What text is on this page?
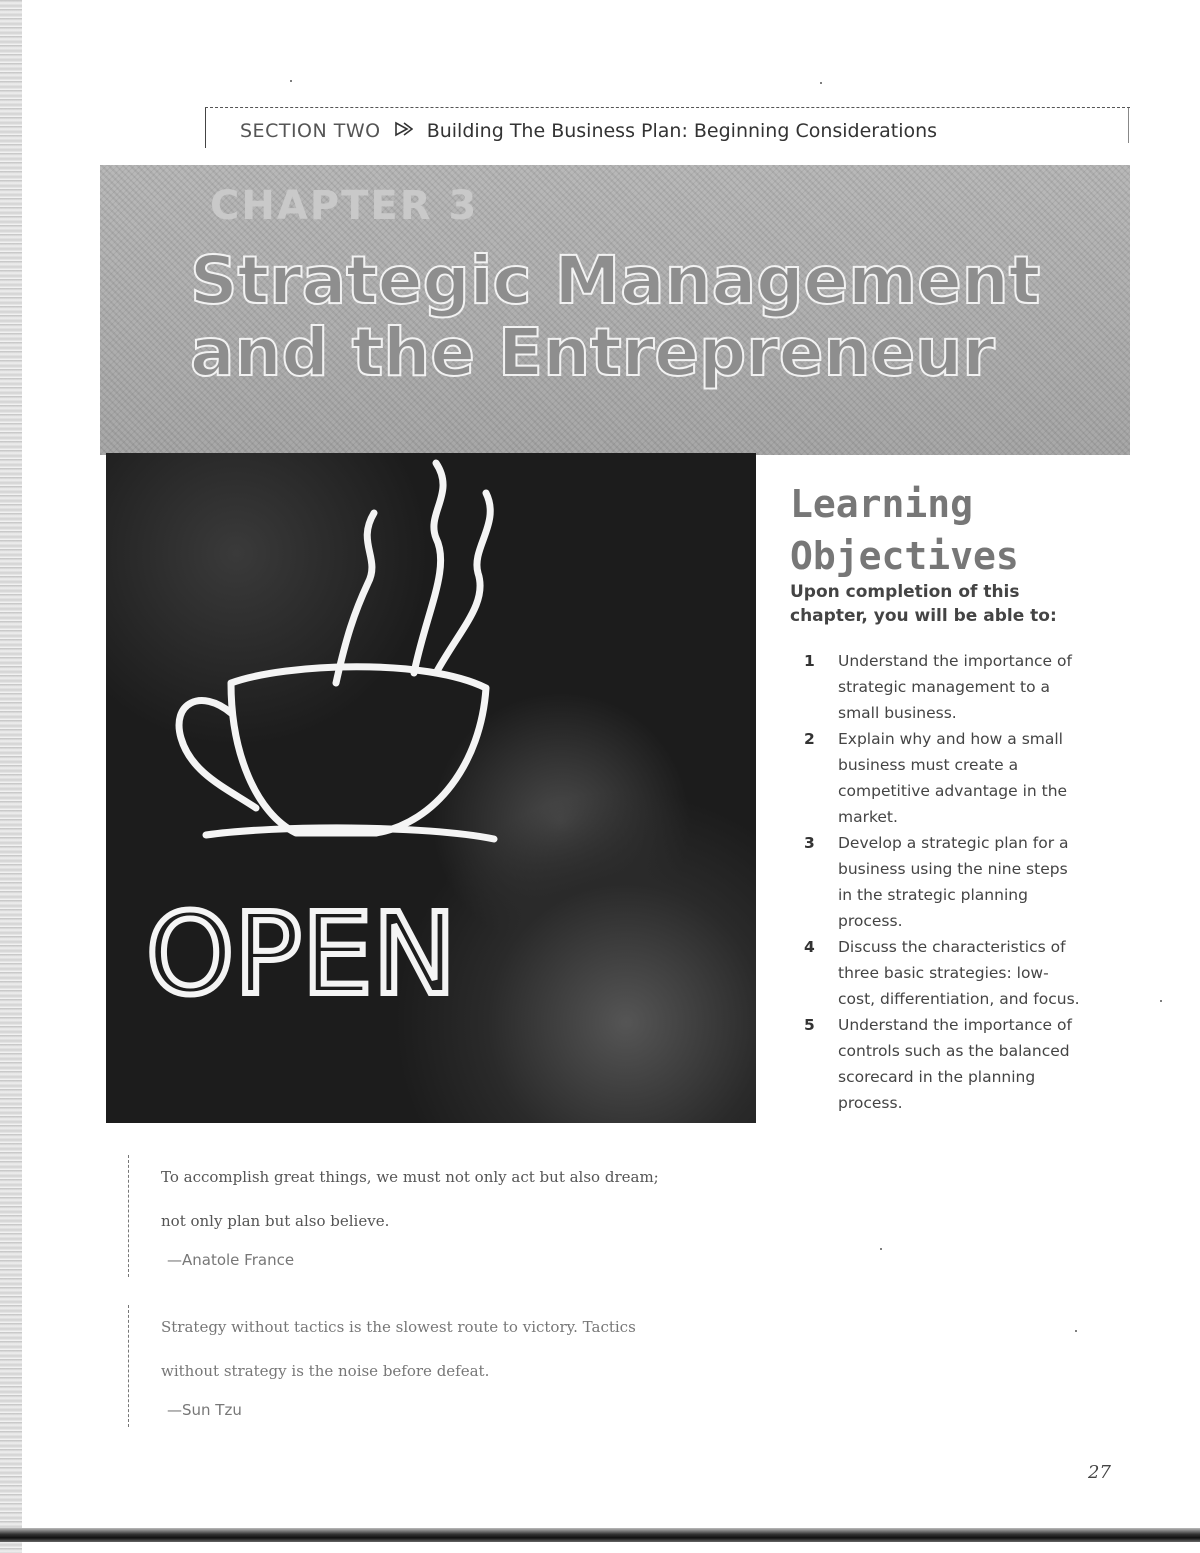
SECTION TWO Building The Business Plan: Beginning Considerations
CHAPTER 3
Strategic Management
and the Entrepreneur
OPEN
Learning
Objectives
Upon completion of this
chapter, you will be able to:
1	Understand the importance of strategic management to a small business.
2	Explain why and how a small business must create a competitive advantage in the market.
3	Develop a strategic plan for a business using the nine steps in the strategic planning process.
4	Discuss the characteristics of three basic strategies: low-cost, differentiation, and focus.
5	Understand the importance of controls such as the balanced scorecard in the planning process.
To accomplish great things, we must not only act but also dream;
not only plan but also believe.
—Anatole France
Strategy without tactics is the slowest route to victory. Tactics
without strategy is the noise before defeat.
—Sun Tzu
27
